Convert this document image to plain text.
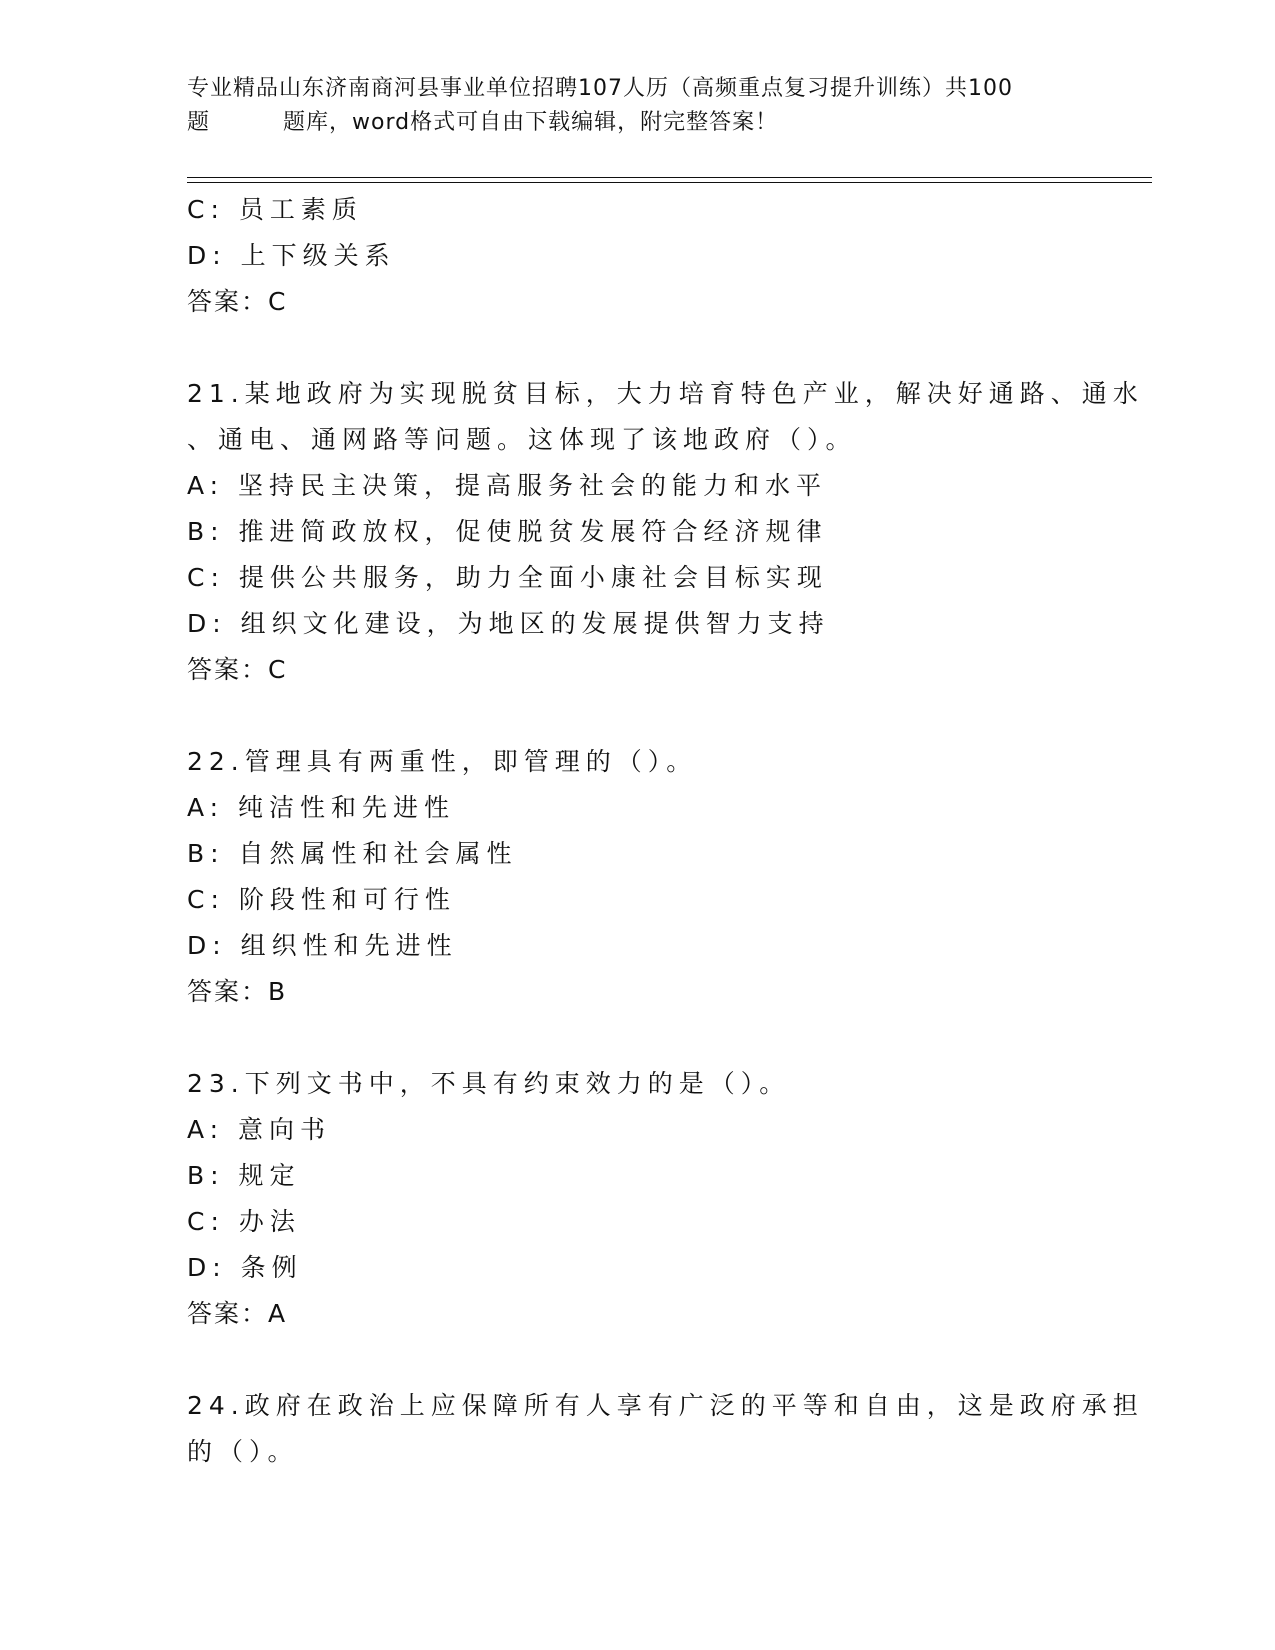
专业精品山东济南商河县事业单位招聘107人历（高频重点复习提升训练）共100
题	题库，word格式可自由下载编辑，附完整答案！
C: 员工素质
D: 上下级关系
答案：C
21.某地政府为实现脱贫目标，大力培育特色产业，解决好通路、通水
、通电、通网路等问题。这体现了该地政府（）。
A: 坚持民主决策，提高服务社会的能力和水平
B: 推进简政放权，促使脱贫发展符合经济规律
C: 提供公共服务，助力全面小康社会目标实现
D: 组织文化建设，为地区的发展提供智力支持
答案：C
22.管理具有两重性，即管理的（）。
A: 纯洁性和先进性
B: 自然属性和社会属性
C: 阶段性和可行性
D: 组织性和先进性
答案：B
23.下列文书中，不具有约束效力的是（）。
A: 意向书
B: 规定
C: 办法
D: 条例
答案：A
24.政府在政治上应保障所有人享有广泛的平等和自由，这是政府承担
的（）。
